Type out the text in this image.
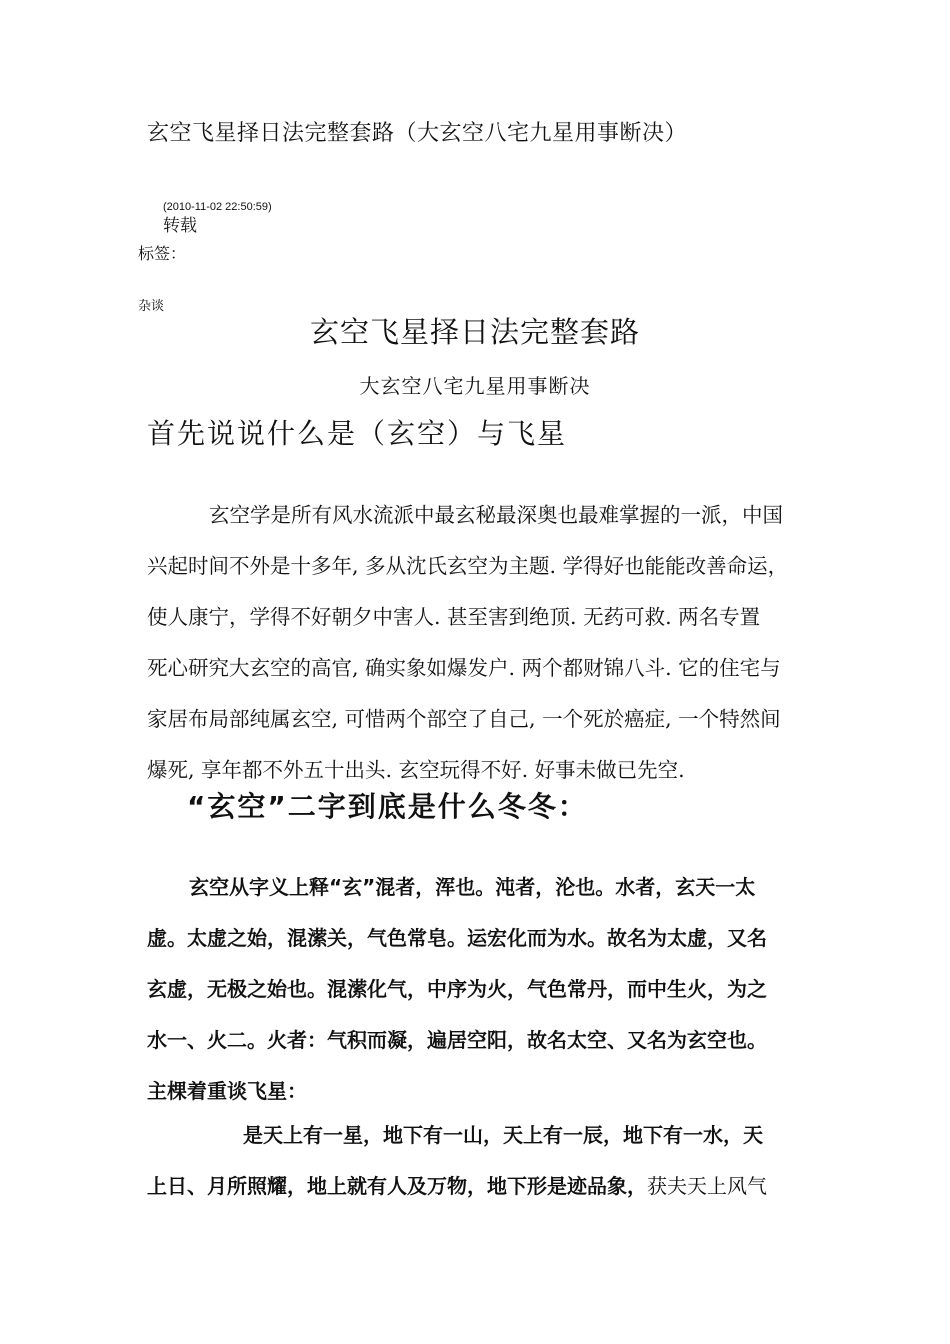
玄空飞星择日法完整套路（大玄空八宅九星用事断决）
(2010-11-02 22:50:59)
转载
标签：
杂谈
玄空飞星择日法完整套路
大玄空八宅九星用事断决
首先说说什么是（玄空）与飞星
玄空学是所有风水流派中最玄秘最深奥也最难掌握的一派，中国
兴起时间不外是十多年, 多从沈氏玄空为主题. 学得好也能能改善命运，
使人康宁，学得不好朝夕中害人. 甚至害到绝顶. 无药可救. 两名专置
死心研究大玄空的高官, 确实象如爆发户. 两个都财锦八斗. 它的住宅与
家居布局部纯属玄空, 可惜两个部空了自己, 一个死於癌症, 一个特然间
爆死, 享年都不外五十出头. 玄空玩得不好. 好事未做已先空.
“玄空”二字到底是什么冬冬：
玄空从字义上释“玄”混者，浑也。沌者，沦也。水者，玄天一太
虚。太虚之始，混潆关，气色常皂。运宏化而为水。故名为太虚，又名
玄虚，无极之始也。混潆化气，中序为火，气色常丹，而中生火，为之
水一、火二。火者：气积而凝，遍居空阳，故名太空、又名为玄空也。
主棵着重谈飞星：
是天上有一星，地下有一山，天上有一辰，地下有一水，天
上日、月所照耀，地上就有人及万物，地下形是迹品象，获夫天上风气
